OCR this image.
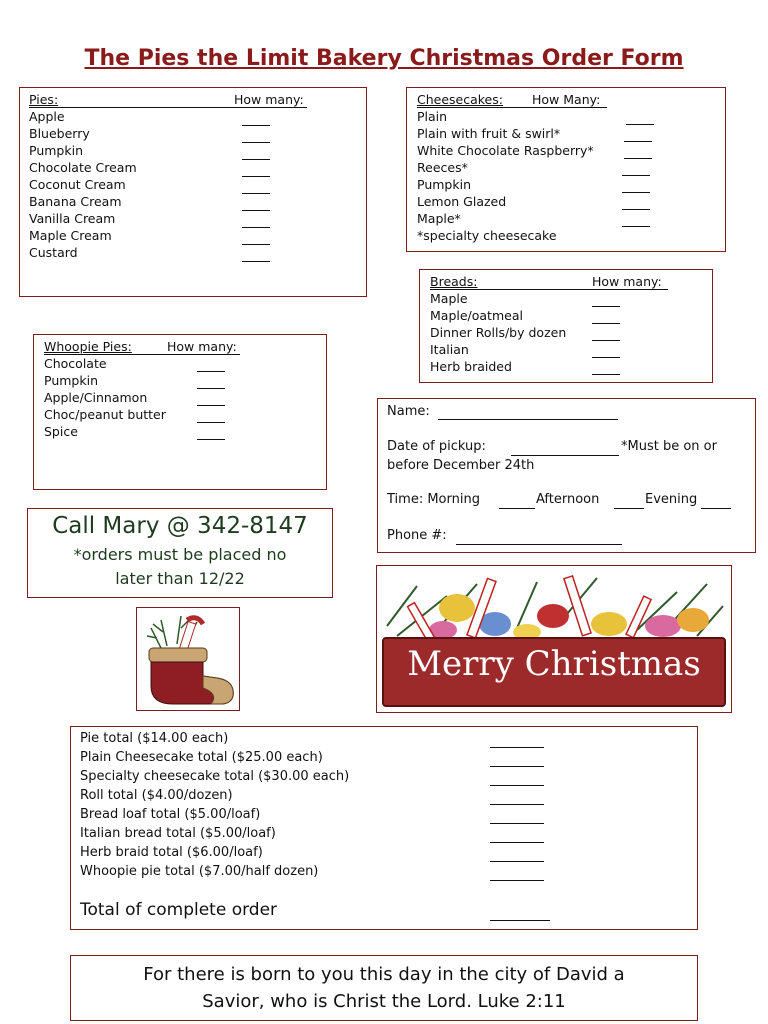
The Pies the Limit Bakery Christmas Order Form
Pies:	How many:
Apple
Blueberry
Pumpkin
Chocolate Cream
Coconut Cream
Banana Cream
Vanilla Cream
Maple Cream
Custard
Cheesecakes: How Many:
Plain
Plain with fruit & swirl*
White Chocolate Raspberry*
Reeces*
Pumpkin
Lemon Glazed
Maple*
*specialty cheesecake
Breads:	How many:
Maple
Maple/oatmeal
Dinner Rolls/by dozen
Italian
Herb braided
Whoopie Pies:	How many:
Chocolate
Pumpkin
Apple/Cinnamon
Choc/peanut butter
Spice
Name:
Date of pickup:	*Must be on or
before December 24th
Time: Morning	Afternoon	Evening
Phone #:
Call Mary @ 342-8147
*orders must be placed no
later than 12/22
Merry Christmas
Pie total ($14.00 each)
Plain Cheesecake total ($25.00 each)
Specialty cheesecake total ($30.00 each)
Roll total ($4.00/dozen)
Bread loaf total ($5.00/loaf)
Italian bread total ($5.00/loaf)
Herb braid total ($6.00/loaf)
Whoopie pie total ($7.00/half dozen)
Total of complete order
For there is born to you this day in the city of David a
Savior, who is Christ the Lord. Luke 2:11
